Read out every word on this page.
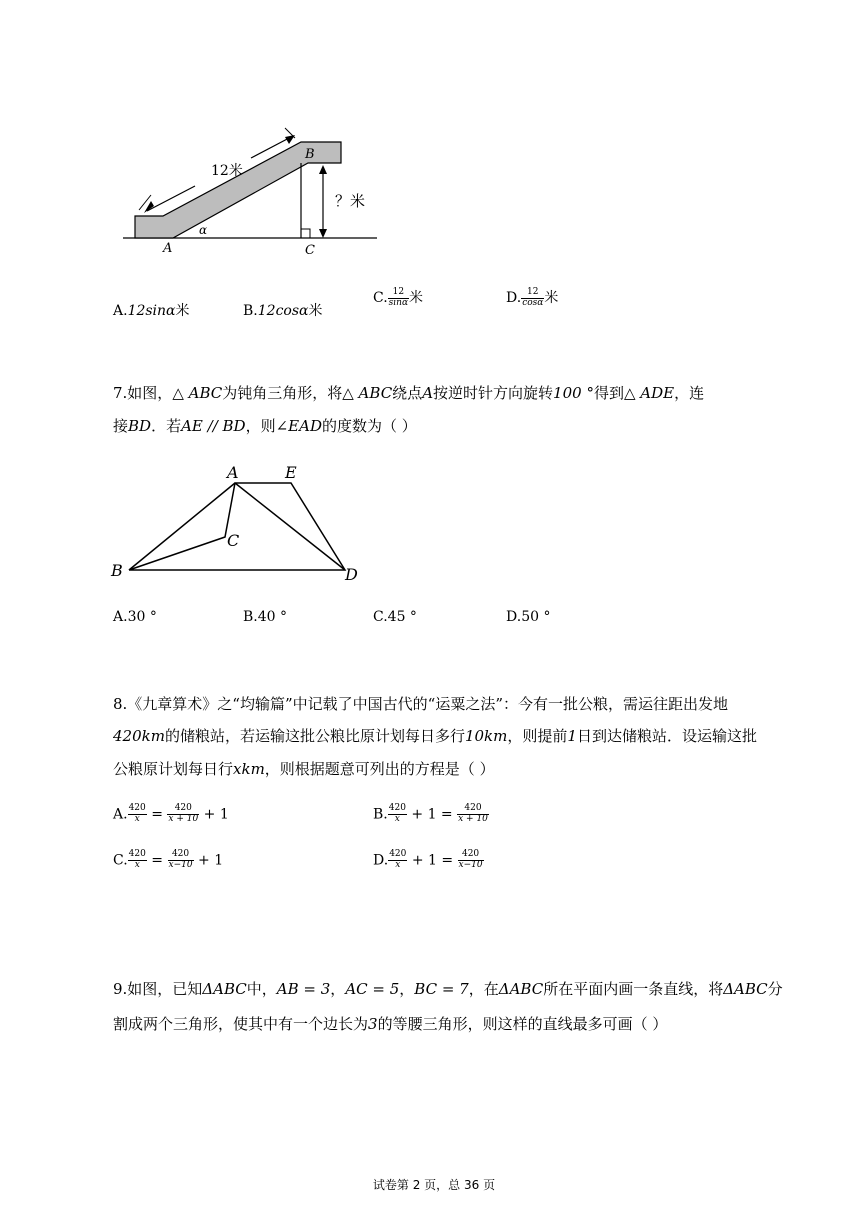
12米
？米
B
A	C
α
A.12sinα米	B.12cosα米
C. $\frac{12}{\sin\alpha}$ 米	D. $\frac{12}{\cos\alpha}$ 米
7.如图，△ ABC为钝角三角形，将△ ABC绕点A按逆时针方向旋转100 °得到△ ADE，连
接BD．若AE // BD，则∠EAD的度数为（ ）
A	E
C
B	D
A.30 °	B.40 °	C.45 °	D.50 °
8.《九章算术》之“均输篇”中记载了中国古代的“运粟之法”：今有一批公粮，需运往距出发地
420km的储粮站，若运输这批公粮比原计划每日多行10km，则提前1日到达储粮站．设运输这批
公粮原计划每日行xkm，则根据题意可列出的方程是（ ）
A. $\frac{420}{x} = \frac{420}{x + 10} + 1$	B. $\frac{420}{x} + 1 = \frac{420}{x + 10}$
C. $\frac{420}{x} = \frac{420}{x-10} + 1$	D. $\frac{420}{x} + 1 = \frac{420}{x-10}$
9.如图，已知ΔABC中，AB = 3，AC = 5，BC = 7，在ΔABC所在平面内画一条直线，将ΔABC分
割成两个三角形，使其中有一个边长为3的等腰三角形，则这样的直线最多可画（ ）
试卷第 2 页，总 36 页
